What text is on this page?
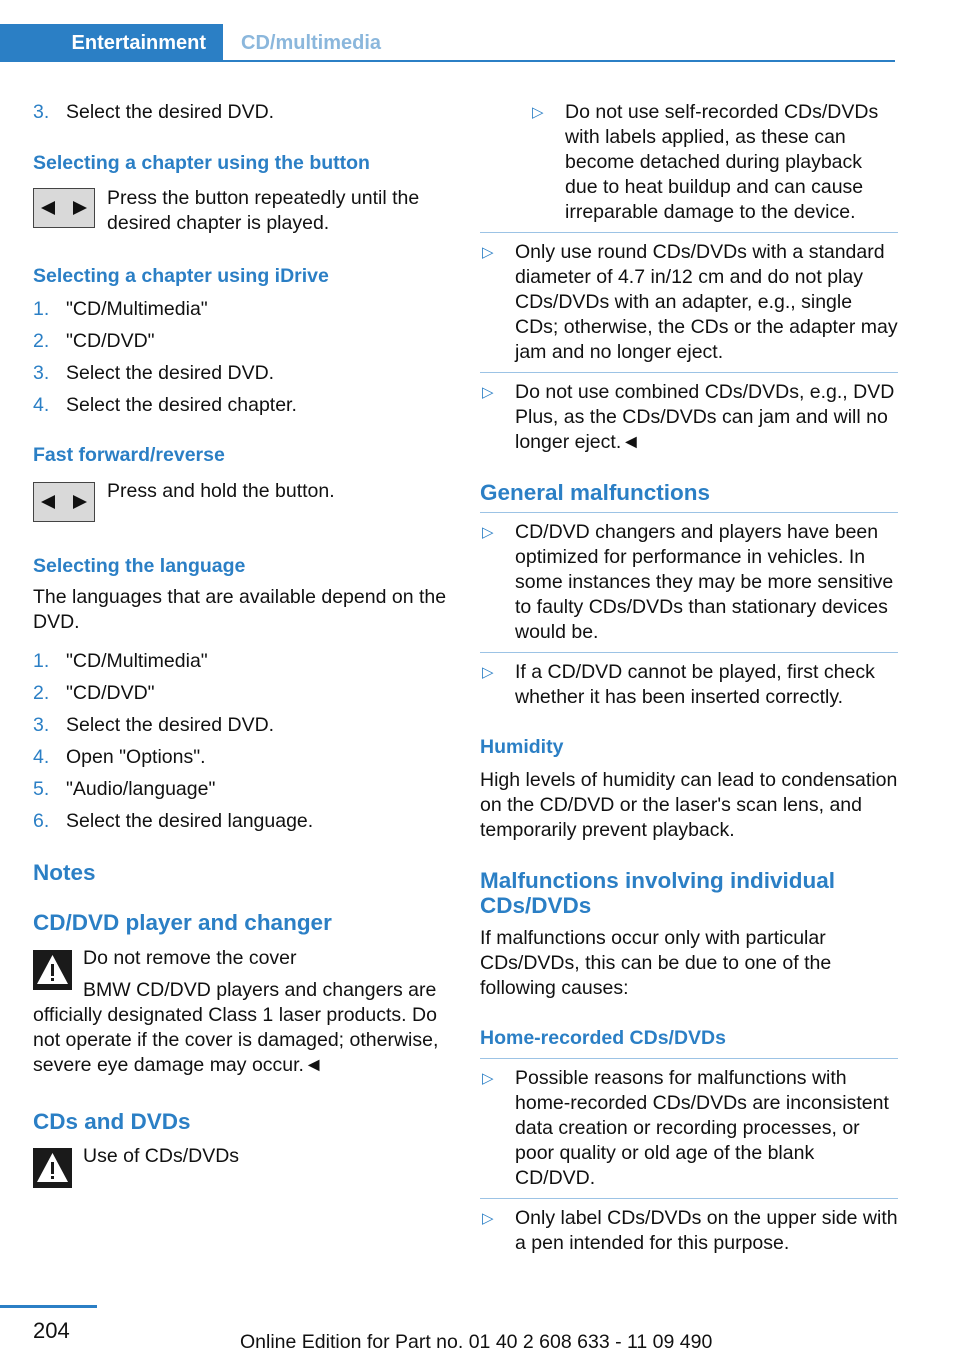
Entertainment	CD/multimedia
3. Select the desired DVD.

Selecting a chapter using the button

Press the button repeatedly until the desired chapter is played.

Selecting a chapter using iDrive

1. "CD/Multimedia"
2. "CD/DVD"
3. Select the desired DVD.
4. Select the desired chapter.

Fast forward/reverse

Press and hold the button.

Selecting the language

The languages that are available depend on the DVD.

1. "CD/Multimedia"
2. "CD/DVD"
3. Select the desired DVD.
4. Open "Options".
5. "Audio/language"
6. Select the desired language.

Notes

CD/DVD player and changer

Do not remove the cover

BMW CD/DVD players and changers are officially designated Class 1 laser products. Do not operate if the cover is damaged; otherwise, severe eye damage may occur.◄

CDs and DVDs

Use of CDs/DVDs

▷	Do not use self-recorded CDs/DVDs with labels applied, as these can become detached during playback due to heat buildup and can cause irreparable damage to the device.
▷	Only use round CDs/DVDs with a standard diameter of 4.7 in/12 cm and do not play CDs/DVDs with an adapter, e.g., single CDs; otherwise, the CDs or the adapter may jam and no longer eject.
▷	Do not use combined CDs/DVDs, e.g., DVD Plus, as the CDs/DVDs can jam and will no longer eject.◄

General malfunctions

▷	CD/DVD changers and players have been optimized for performance in vehicles. In some instances they may be more sensitive to faulty CDs/DVDs than stationary devices would be.
▷	If a CD/DVD cannot be played, first check whether it has been inserted correctly.

Humidity

High levels of humidity can lead to condensation on the CD/DVD or the laser's scan lens, and temporarily prevent playback.

Malfunctions involving individual CDs/DVDs

If malfunctions occur only with particular CDs/DVDs, this can be due to one of the following causes:

Home-recorded CDs/DVDs

▷	Possible reasons for malfunctions with home-recorded CDs/DVDs are inconsistent data creation or recording processes, or poor quality or old age of the blank CD/DVD.
▷	Only label CDs/DVDs on the upper side with a pen intended for this purpose.
204	Online Edition for Part no. 01 40 2 608 633 - 11 09 490
